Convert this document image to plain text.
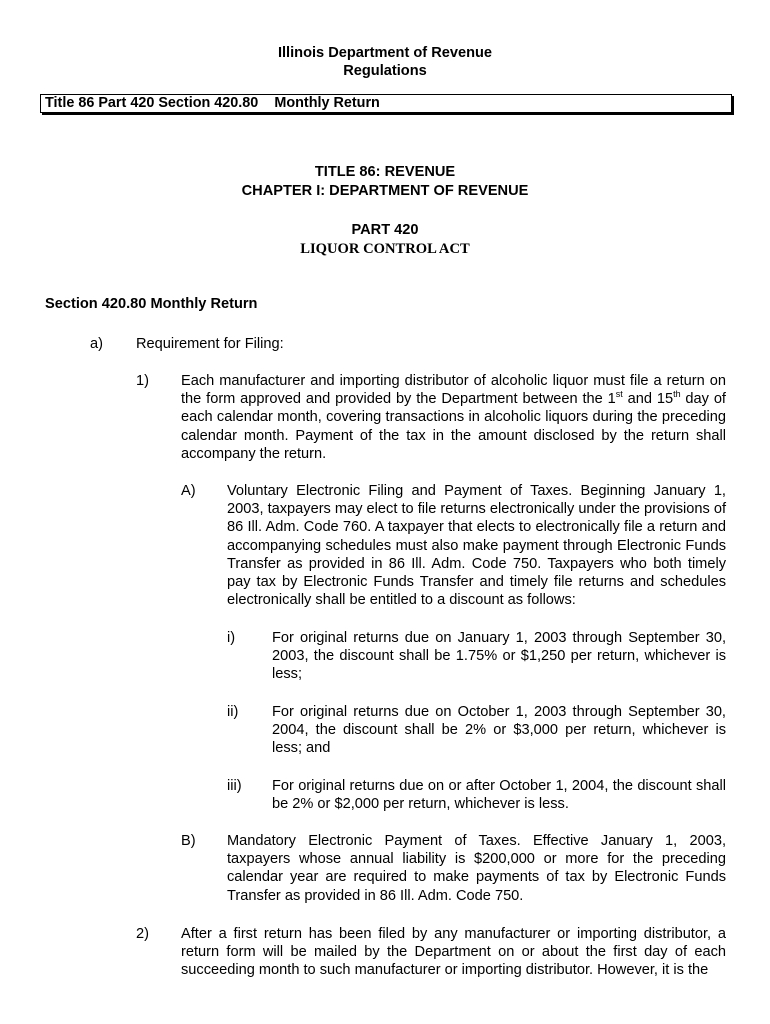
Illinois Department of Revenue
Regulations
Title 86 Part 420 Section 420.80 Monthly Return
TITLE 86: REVENUE
CHAPTER I: DEPARTMENT OF REVENUE
PART 420
LIQUOR CONTROL ACT
Section 420.80 Monthly Return
a) Requirement for Filing:
1) Each manufacturer and importing distributor of alcoholic liquor must file a return on the form approved and provided by the Department between the 1st and 15th day of each calendar month, covering transactions in alcoholic liquors during the preceding calendar month. Payment of the tax in the amount disclosed by the return shall accompany the return.
A) Voluntary Electronic Filing and Payment of Taxes. Beginning January 1, 2003, taxpayers may elect to file returns electronically under the provisions of 86 Ill. Adm. Code 760. A taxpayer that elects to electronically file a return and accompanying schedules must also make payment through Electronic Funds Transfer as provided in 86 Ill. Adm. Code 750. Taxpayers who both timely pay tax by Electronic Funds Transfer and timely file returns and schedules electronically shall be entitled to a discount as follows:
i)	For original returns due on January 1, 2003 through September 30, 2003, the discount shall be 1.75% or $1,250 per return, whichever is less;
ii) For original returns due on October 1, 2003 through September 30, 2004, the discount shall be 2% or $3,000 per return, whichever is less; and
iii) For original returns due on or after October 1, 2004, the discount shall be 2% or $2,000 per return, whichever is less.
B) Mandatory Electronic Payment of Taxes. Effective January 1, 2003, taxpayers whose annual liability is $200,000 or more for the preceding calendar year are required to make payments of tax by Electronic Funds Transfer as provided in 86 Ill. Adm. Code 750.
2) After a first return has been filed by any manufacturer or importing distributor, a return form will be mailed by the Department on or about the first day of each succeeding month to such manufacturer or importing distributor. However, it is the
